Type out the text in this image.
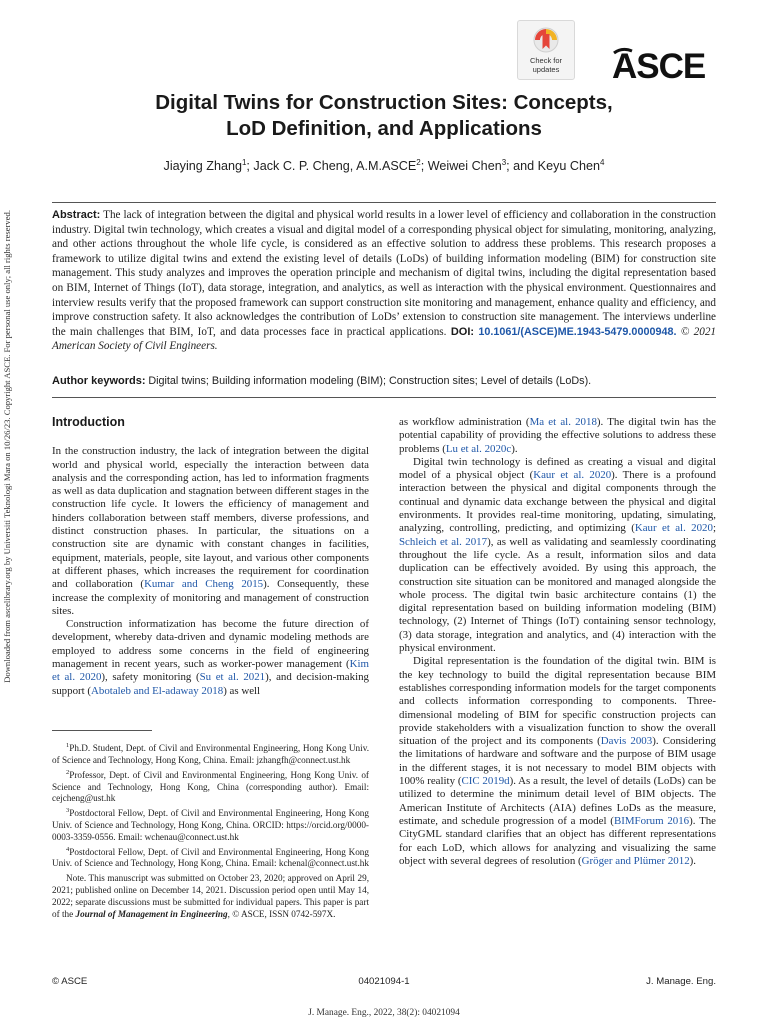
Downloaded from ascelibrary.org by Universiti Teknologi Mara on 10/26/23. Copyright ASCE. For personal use only; all rights reserved.
Check for
updates	ASCE
Digital Twins for Construction Sites: Concepts,
LoD Definition, and Applications
Jiaying Zhang$^1$; Jack C. P. Cheng, A.M.ASCE$^2$; Weiwei Chen$^3$; and Keyu Chen$^4$
Abstract: The lack of integration between the digital and physical world results in a lower level of efficiency and collaboration in the construction industry. Digital twin technology, which creates a visual and digital model of a corresponding physical object for simulating, monitoring, analyzing, and other actions throughout the whole life cycle, is considered as an effective solution to address these problems. This research proposes a framework to utilize digital twins and extend the existing level of details (LoDs) of building information modeling (BIM) for construction site management. This study analyzes and improves the operation principle and mechanism of digital twins, including the digital representation based on BIM, Internet of Things (IoT), data storage, integration, and analytics, as well as interaction with the physical environment. Questionnaires and interview results verify that the proposed framework can support construction site monitoring and management, enhance quality and efficiency, and improve construction safety. It also acknowledges the contribution of LoDs’ extension to construction site management. The interviews underline the main challenges that BIM, IoT, and data processes face in practical applications. DOI: 10.1061/(ASCE)ME.1943-5479.0000948. © 2021 American Society of Civil Engineers.
Author keywords: Digital twins; Building information modeling (BIM); Construction sites; Level of details (LoDs).
Introduction

In the construction industry, the lack of integration between the digital world and physical world, especially the interaction between data analysis and the corresponding action, has led to information fragments as well as data duplication and stagnation between different stages in the construction life cycle. It lowers the efficiency of management and hinders collaboration between staff members, diverse professions, and distinct construction phases. In particular, the situations on a construction site are dynamic with constant changes in facilities, equipment, materials, people, site layout, and various other components at different phases, which increases the requirement for coordination and collaboration (Kumar and Cheng 2015). Consequently, these increase the complexity of monitoring and management of construction sites.

Construction informatization has become the future direction of development, whereby data-driven and dynamic modeling methods are employed to address some concerns in the field of engineering management in recent years, such as worker-power management (Kim et al. 2020), safety monitoring (Su et al. 2021), and decision-making support (Abotaleb and El-adaway 2018) as well

$^1$Ph.D. Student, Dept. of Civil and Environmental Engineering, Hong Kong Univ. of Science and Technology, Hong Kong, China. Email: jzhangfh@connect.ust.hk

$^2$Professor, Dept. of Civil and Environmental Engineering, Hong Kong Univ. of Science and Technology, Hong Kong, China (corresponding author). Email: cejcheng@ust.hk

$^3$Postdoctoral Fellow, Dept. of Civil and Environmental Engineering, Hong Kong Univ. of Science and Technology, Hong Kong, China. ORCID: https://orcid.org/0000-0003-3359-0556. Email: wchenau@connect.ust.hk

$^4$Postdoctoral Fellow, Dept. of Civil and Environmental Engineering, Hong Kong Univ. of Science and Technology, Hong Kong, China. Email: kchenal@connect.ust.hk

Note. This manuscript was submitted on October 23, 2020; approved on April 29, 2021; published online on December 14, 2021. Discussion period open until May 14, 2022; separate discussions must be submitted for individual papers. This paper is part of the Journal of Management in Engineering, © ASCE, ISSN 0742-597X.

as workflow administration (Ma et al. 2018). The digital twin has the potential capability of providing the effective solutions to address these problems (Lu et al. 2020c).

Digital twin technology is defined as creating a visual and digital model of a physical object (Kaur et al. 2020). There is a profound interaction between the physical and digital components through the continual and dynamic data exchange between the physical and digital environments. It provides real-time monitoring, updating, simulating, analyzing, controlling, predicting, and optimizing (Kaur et al. 2020; Schleich et al. 2017), as well as validating and seamlessly coordinating throughout the life cycle. As a result, information silos and data duplication can be effectively avoided. By using this approach, the construction site situation can be monitored and managed alongside the whole process. The digital twin basic architecture contains (1) the digital representation based on building information modeling (BIM) technology, (2) Internet of Things (IoT) containing sensor technology, (3) data storage, integration and analytics, and (4) interaction with the physical environment.

Digital representation is the foundation of the digital twin. BIM is the key technology to build the digital representation because BIM establishes corresponding information models for the target components and collects information corresponding to components. Three-dimensional modeling of BIM for specific construction projects can provide stakeholders with a visualization function to show the overall situation of the project and its components (Davis 2003). Considering the limitations of hardware and software and the purpose of BIM usage in the different stages, it is not necessary to model BIM objects with 100% reality (CIC 2019d). As a result, the level of details (LoDs) can be utilized to determine the minimum detail level of BIM objects. The American Institute of Architects (AIA) defines LoDs as the measure, estimate, and schedule progression of a model (BIMForum 2016). The CityGML standard clarifies that an object has different representations for each LoD, which allows for analyzing and visualizing the same object with several degrees of resolution (Gröger and Plümer 2012).

© ASCE	04021094-1	J. Manage. Eng.
J. Manage. Eng., 2022, 38(2): 04021094
